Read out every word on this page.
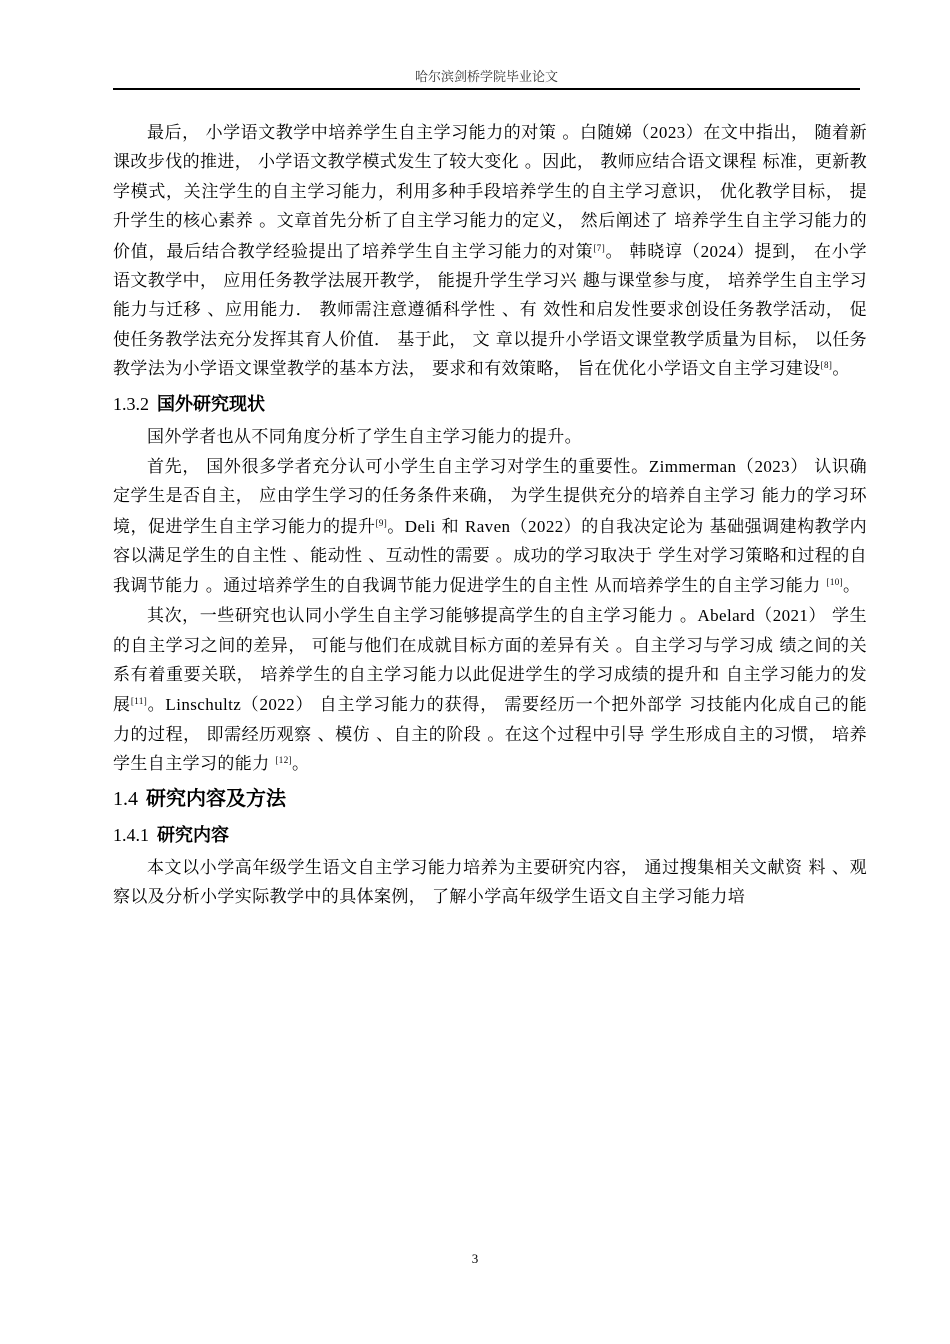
哈尔滨剑桥学院毕业论文

最后， 小学语文教学中培养学生自主学习能力的对策 。白随娣（2023）在文中指出， 随着新课改步伐的推进， 小学语文教学模式发生了较大变化 。因此， 教师应结合语文课程 标准，更新教学模式，关注学生的自主学习能力，利用多种手段培养学生的自主学习意识， 优化教学目标， 提升学生的核心素养 。文章首先分析了自主学习能力的定义， 然后阐述了 培养学生自主学习能力的价值，最后结合教学经验提出了培养学生自主学习能力的对策[7]。 韩晓谆（2024）提到， 在小学语文教学中， 应用任务教学法展开教学， 能提升学生学习兴 趣与课堂参与度， 培养学生自主学习能力与迁移 、应用能力． 教师需注意遵循科学性 、有 效性和启发性要求创设任务教学活动， 促使任务教学法充分发挥其育人价值． 基于此， 文 章以提升小学语文课堂教学质量为目标， 以任务教学法为小学语文课堂教学的基本方法， 要求和有效策略， 旨在优化小学语文自主学习建设[8]。

1.3.2 国外研究现状

国外学者也从不同角度分析了学生自主学习能力的提升。

首先， 国外很多学者充分认可小学生自主学习对学生的重要性。Zimmerman（2023） 认识确定学生是否自主， 应由学生学习的任务条件来确， 为学生提供充分的培养自主学习 能力的学习环境，促进学生自主学习能力的提升[9]。Deli 和 Raven（2022）的自我决定论为 基础强调建构教学内容以满足学生的自主性 、能动性 、互动性的需要 。成功的学习取决于 学生对学习策略和过程的自我调节能力 。通过培养学生的自我调节能力促进学生的自主性 从而培养学生的自主学习能力 [10]。

其次，一些研究也认同小学生自主学习能够提高学生的自主学习能力 。Abelard（2021） 学生的自主学习之间的差异， 可能与他们在成就目标方面的差异有关 。自主学习与学习成 绩之间的关系有着重要关联， 培养学生的自主学习能力以此促进学生的学习成绩的提升和 自主学习能力的发展[11]。Linschultz（2022） 自主学习能力的获得， 需要经历一个把外部学 习技能内化成自己的能力的过程， 即需经历观察 、模仿 、自主的阶段 。在这个过程中引导 学生形成自主的习惯， 培养学生自主学习的能力 [12]。

1.4 研究内容及方法
1.4.1 研究内容

本文以小学高年级学生语文自主学习能力培养为主要研究内容， 通过搜集相关文献资 料 、观察以及分析小学实际教学中的具体案例， 了解小学高年级学生语文自主学习能力培

3
